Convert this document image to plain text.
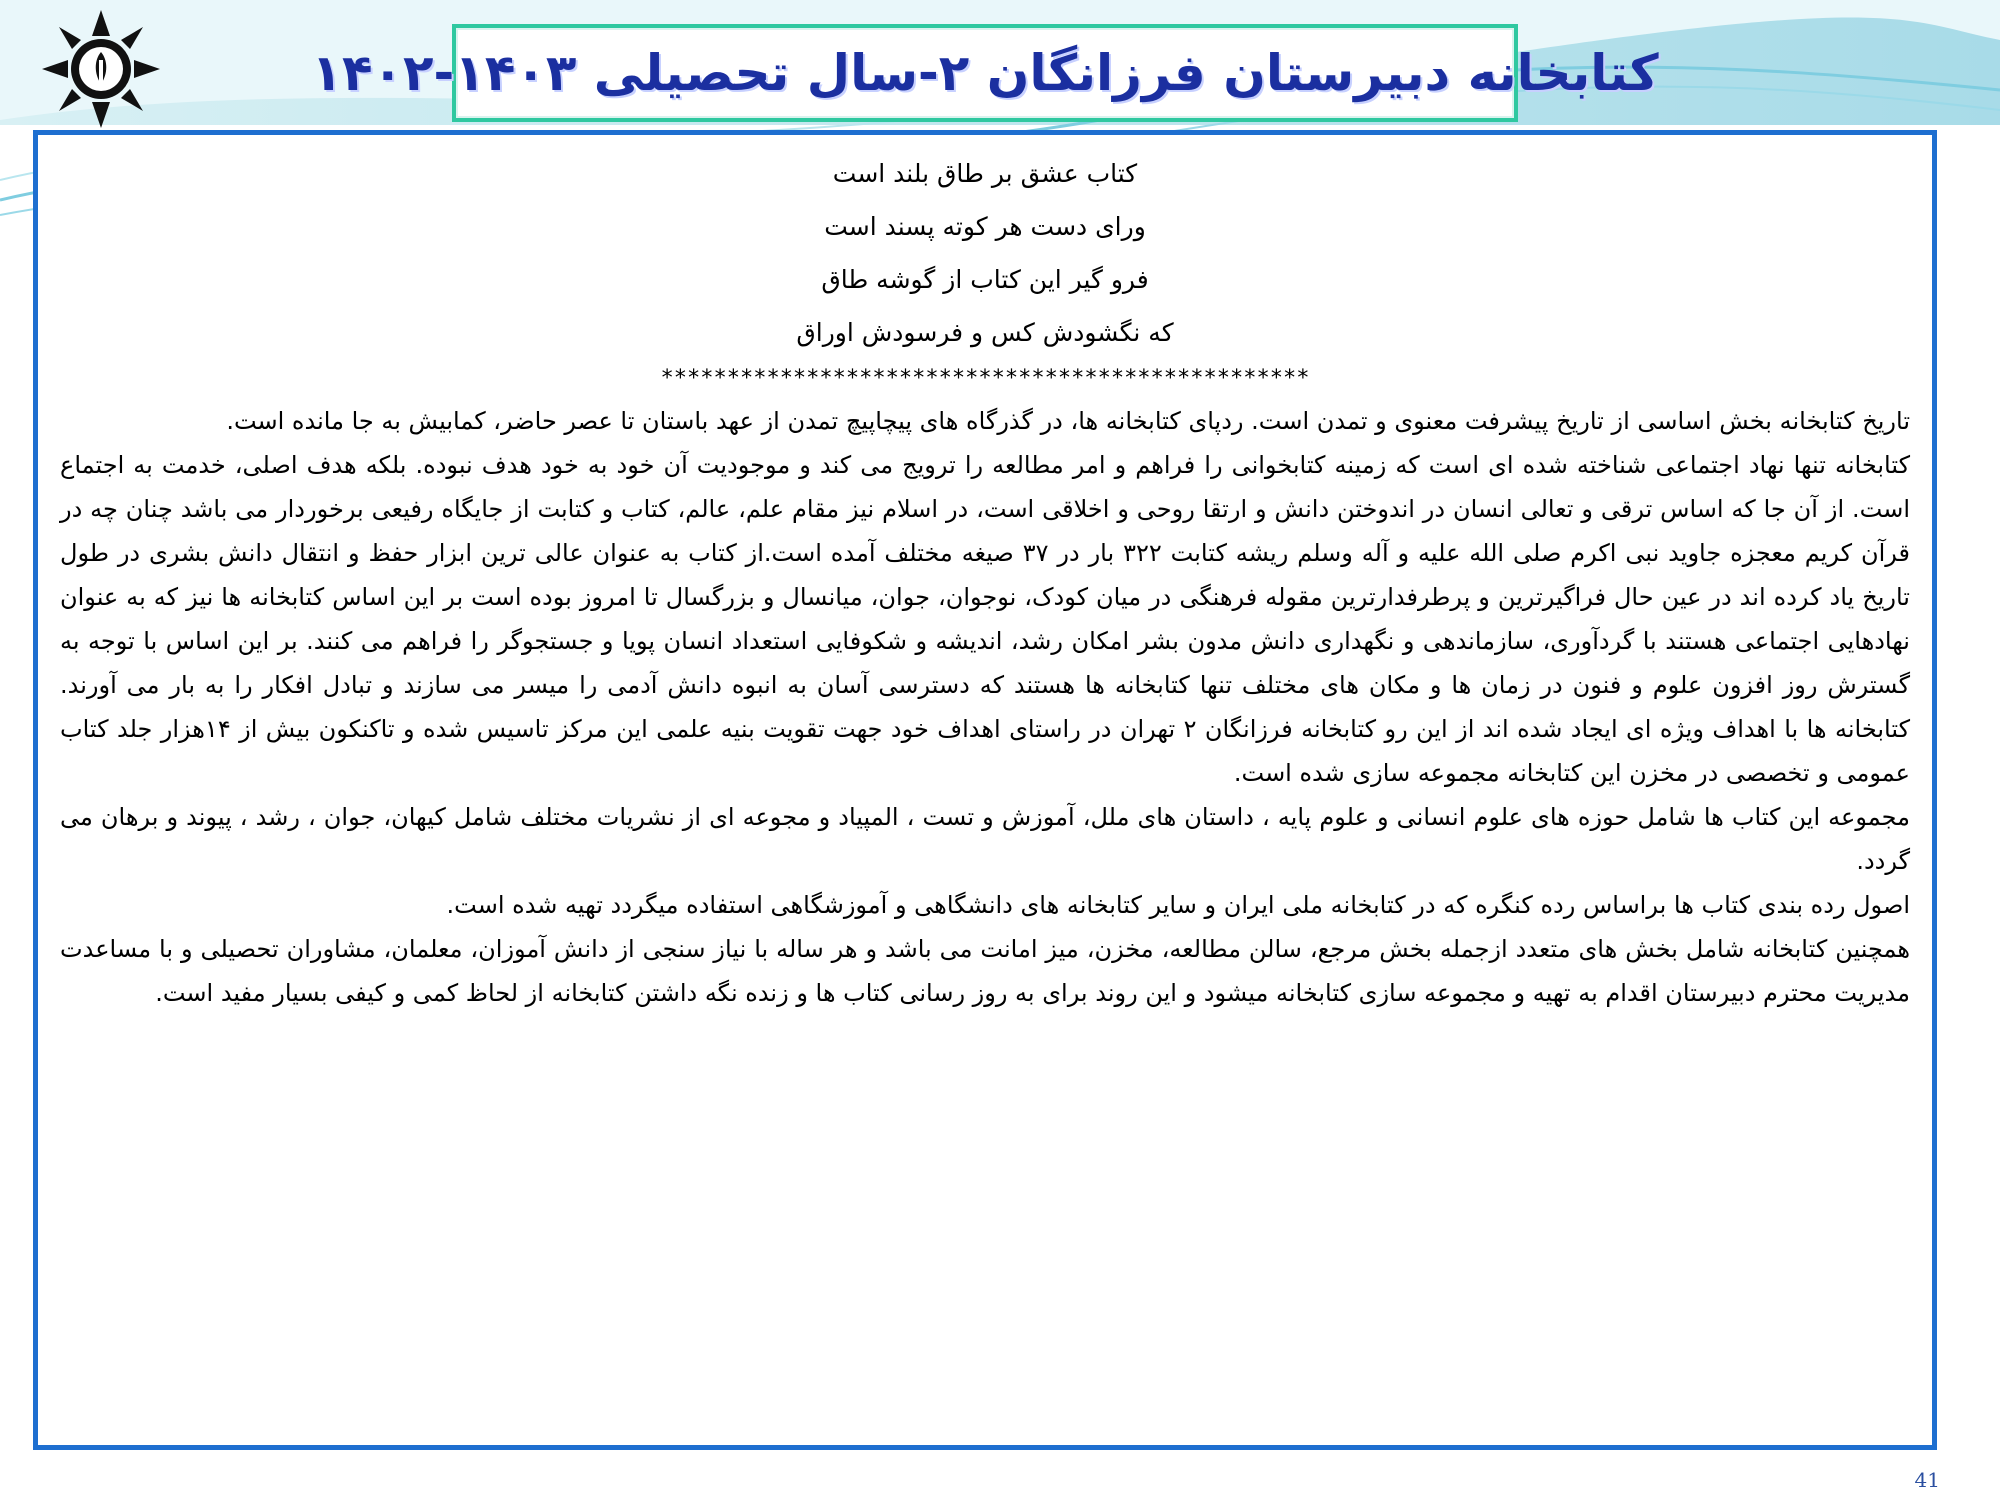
کتابخانه دبیرستان فرزانگان ۲-سال تحصیلی ۱۴۰۳-۱۴۰۲
کتاب عشق بر طاق بلند است
ورای دست هر کوته پسند است
فرو گیر این کتاب از گوشه طاق
که نگشودش کس و فرسودش اوراق
*************************************************

تاریخ کتابخانه بخش اساسی از تاریخ پیشرفت معنوی و تمدن است. ردپای کتابخانه ها، در گذرگاه های پیچاپیچ تمدن از عهد باستان تا عصر حاضر، کمابیش به جا مانده است.

کتابخانه تنها نهاد اجتماعی شناخته شده ای است که زمینه کتابخوانی را فراهم و امر مطالعه را ترویج می کند و موجودیت آن خود به خود هدف نبوده. بلکه هدف اصلی، خدمت به اجتماع است. از آن جا که اساس ترقی و تعالی انسان در اندوختن دانش و ارتقا روحی و اخلاقی است، در اسلام نیز مقام علم، عالم، کتاب و کتابت از جایگاه رفیعی برخوردار می باشد چنان چه در قرآن کریم معجزه جاوید نبی اکرم صلی الله علیه و آله وسلم ریشه کتابت ۳۲۲ بار در ۳۷ صیغه مختلف آمده است.از کتاب به عنوان عالی ترین ابزار حفظ و انتقال دانش بشری در طول تاریخ یاد کرده اند در عین حال فراگیرترین و پرطرفدارترین مقوله فرهنگی در میان کودک، نوجوان، جوان، میانسال و بزرگسال تا امروز بوده است بر این اساس کتابخانه ها نیز که به عنوان نهادهایی اجتماعی هستند با گردآوری، سازماندهی و نگهداری دانش مدون بشر امکان رشد، اندیشه و شکوفایی استعداد انسان پویا و جستجوگر را فراهم می کنند. بر این اساس با توجه به گسترش روز افزون علوم و فنون در زمان ها و مکان های مختلف تنها کتابخانه ها هستند که دسترسی آسان به انبوه دانش آدمی را میسر می سازند و تبادل افکار را به بار می آورند. کتابخانه ها با اهداف ویژه ای ایجاد شده اند از این رو کتابخانه فرزانگان ۲ تهران در راستای اهداف خود جهت تقویت بنیه علمی این مرکز تاسیس شده و تاکنکون بیش از ۱۴هزار جلد کتاب عمومی و تخصصی در مخزن این کتابخانه مجموعه سازی شده است.

مجموعه این کتاب ها شامل حوزه های علوم انسانی و علوم پایه ، داستان های ملل، آموزش و تست ، المپیاد و مجوعه ای از نشریات مختلف شامل کیهان، جوان ، رشد ، پیوند و برهان می گردد.

اصول رده بندی کتاب ها براساس رده کنگره که در کتابخانه ملی ایران و سایر کتابخانه های دانشگاهی و آموزشگاهی استفاده میگردد تهیه شده است.

همچنین کتابخانه شامل بخش های متعدد ازجمله بخش مرجع، سالن مطالعه، مخزن، میز امانت می باشد و هر ساله با نیاز سنجی از دانش آموزان، معلمان، مشاوران تحصیلی و با مساعدت مدیریت محترم دبیرستان اقدام به تهیه و مجموعه سازی کتابخانه میشود و این روند برای به روز رسانی کتاب ها و زنده نگه داشتن کتابخانه از لحاظ کمی و کیفی بسیار مفید است.

41
